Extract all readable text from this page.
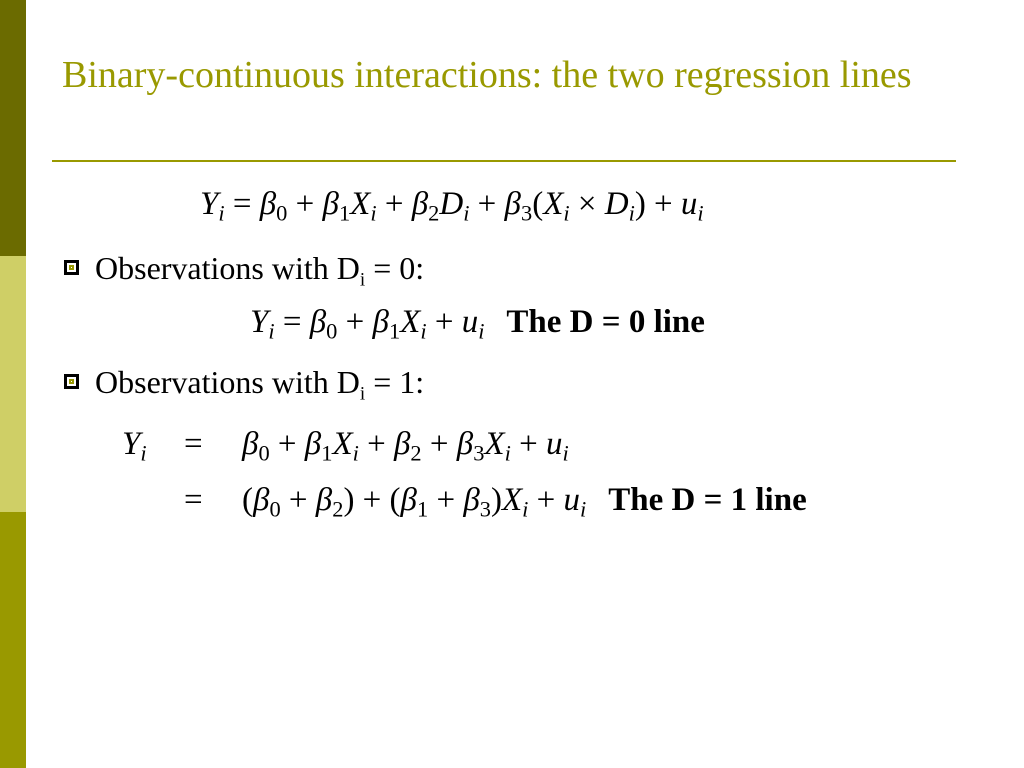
Binary-continuous interactions: the two regression lines
$Y_i = \beta_0 + \beta_1X_i + \beta_2D_i + \beta_3(X_i \times D_i) + u_i$
Observations with $D_i = 0$:
$Y_i = \beta_0 + \beta_1X_i + u_i$ The D = 0 line
Observations with $D_i = 1$:
$Y_i = \beta_0 + \beta_1X_i + \beta_2 + \beta_3X_i + u_i$
= $(\beta_0 + \beta_2) + (\beta_1 + \beta_3)X_i + u_i$ The D = 1 line
